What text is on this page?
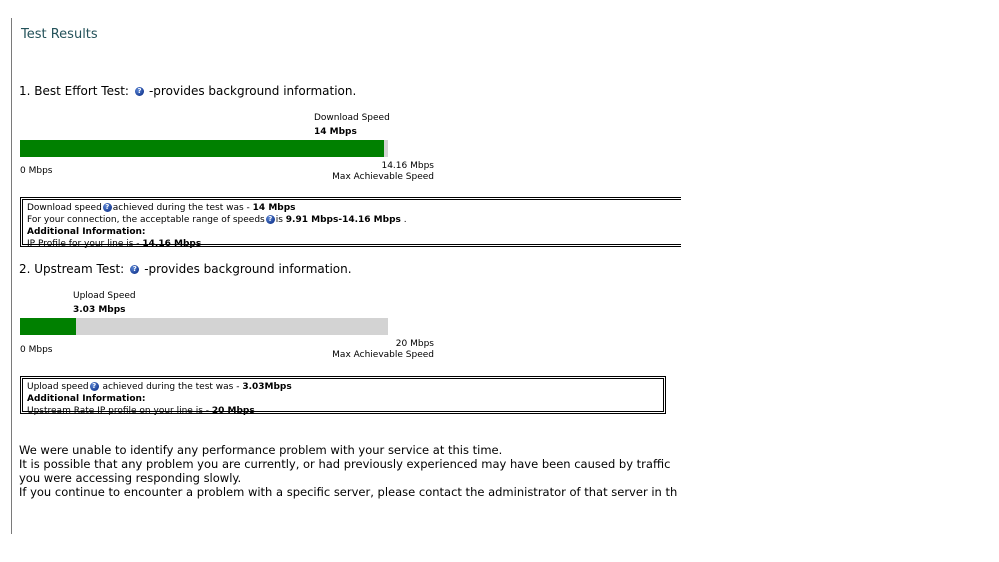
Test Results
1. Best Effort Test:	? -provides background information.
Download Speed
14 Mbps
0 Mbps	14.16 Mbps
Max Achievable Speed
Download speed ? achieved during the test was - 14 Mbps
For your connection, the acceptable range of speeds ? is 9.91 Mbps-14.16 Mbps .
Additional Information:
IP Profile for your line is - 14.16 Mbps
2. Upstream Test:	? -provides background information.
Upload Speed
3.03 Mbps
0 Mbps
20 Mbps
Max Achievable Speed
Upload speed ? achieved during the test was - 3.03Mbps
Additional Information:
Upstream Rate IP profile on your line is - 20 Mbps
We were unable to identify any performance problem with your service at this time.
It is possible that any problem you are currently, or had previously experienced may have been caused by traffic
you were accessing responding slowly.
If you continue to encounter a problem with a specific server, please contact the administrator of that server in th
